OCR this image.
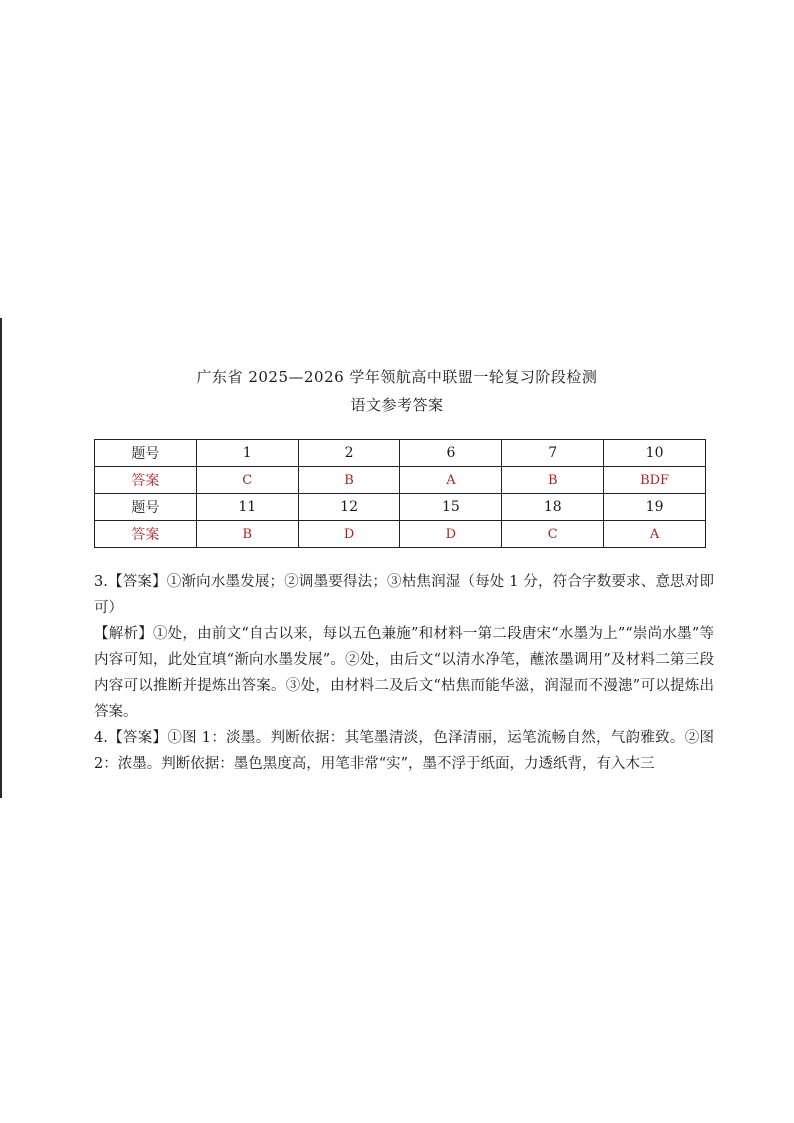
广东省 2025—2026 学年领航高中联盟一轮复习阶段检测
语文参考答案
题号	1	2	6	7	10
答案	C	B	A	B	BDF
题号	11	12	15	18	19
答案	B	D	D	C	A
3.【答案】①渐向水墨发展；②调墨要得法；③枯焦润湿（每处 1 分，符合字数要求、意思对即可）
【解析】①处，由前文“自古以来，每以五色兼施”和材料一第二段唐宋“水墨为上”“崇尚水墨”等内容可知，此处宜填“渐向水墨发展”。②处，由后文“以清水净笔，蘸浓墨调用”及材料二第三段内容可以推断并提炼出答案。③处，由材料二及后文“枯焦而能华滋，润湿而不漫漶”可以提炼出答案。
4.【答案】①图 1：淡墨。判断依据：其笔墨清淡，色泽清丽，运笔流畅自然，气韵雅致。②图 2：浓墨。判断依据：墨色黑度高，用笔非常“实”，墨不浮于纸面，力透纸背，有入木三
